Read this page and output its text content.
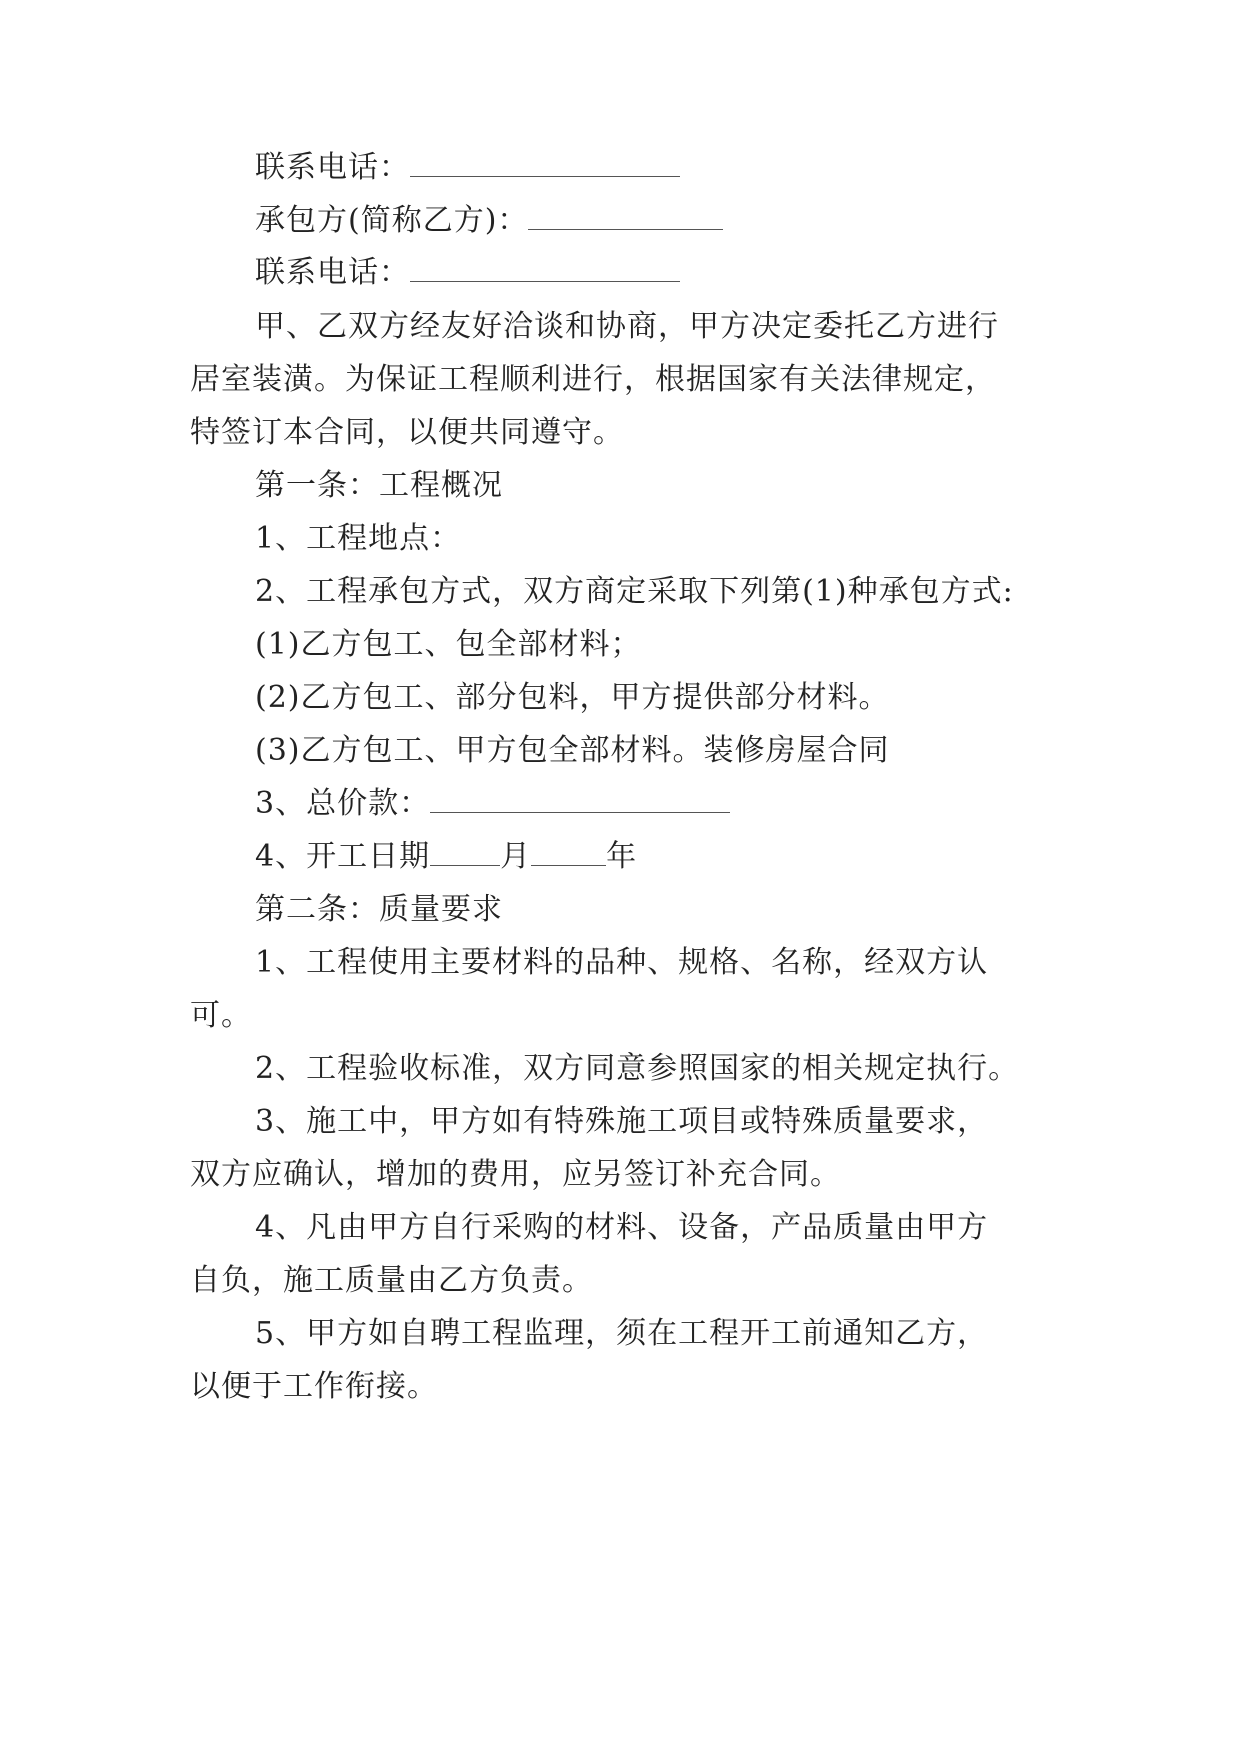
联系电话：
承包方(简称乙方)：
联系电话：
甲、乙双方经友好洽谈和协商，甲方决定委托乙方进行
居室装潢。为保证工程顺利进行，根据国家有关法律规定，
特签订本合同，以便共同遵守。
第一条：工程概况
1、工程地点：
2、工程承包方式，双方商定采取下列第(1)种承包方式:
(1)乙方包工、包全部材料；
(2)乙方包工、部分包料，甲方提供部分材料。
(3)乙方包工、甲方包全部材料。装修房屋合同
3、总价款：
4、开工日期 月	年
第二条：质量要求
1、工程使用主要材料的品种、规格、名称，经双方认
可。
2、工程验收标准，双方同意参照国家的相关规定执行。
3、施工中，甲方如有特殊施工项目或特殊质量要求，
双方应确认，增加的费用，应另签订补充合同。
4、凡由甲方自行采购的材料、设备，产品质量由甲方
自负，施工质量由乙方负责。
5、甲方如自聘工程监理，须在工程开工前通知乙方，
以便于工作衔接。
